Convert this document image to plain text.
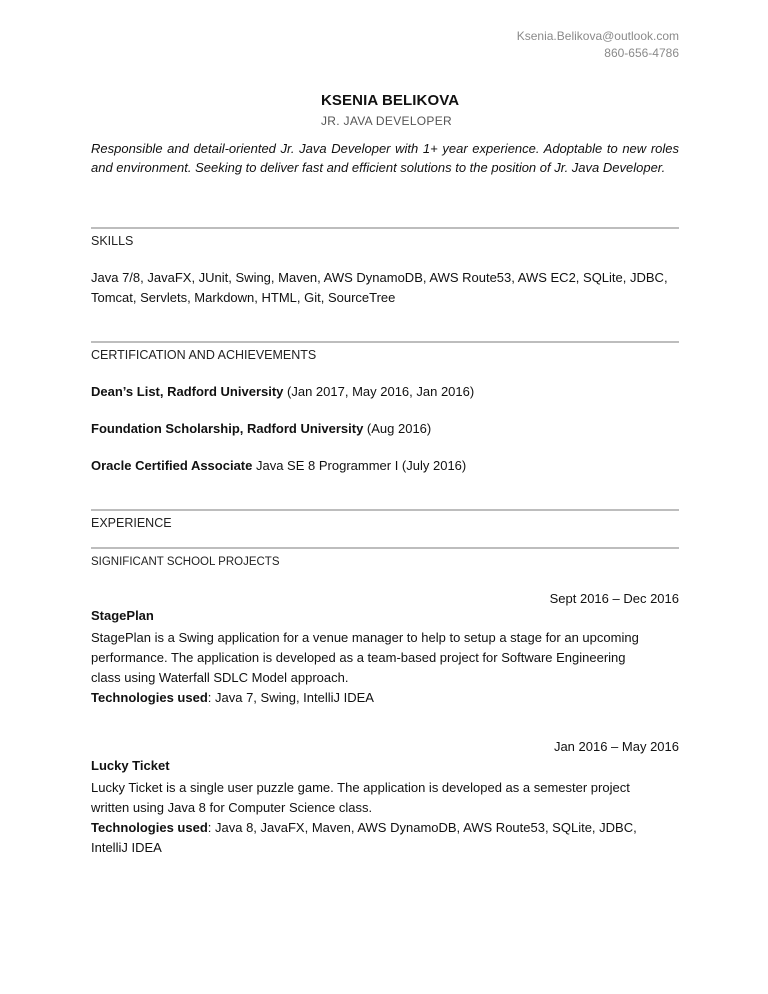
Ksenia.Belikova@outlook.com
860-656-4786
KSENIA BELIKOVA
JR. JAVA DEVELOPER
Responsible and detail-oriented Jr. Java Developer with 1+ year experience. Adoptable to new roles and environment. Seeking to deliver fast and efficient solutions to the position of Jr. Java Developer.
SKILLS
Java 7/8, JavaFX, JUnit, Swing, Maven, AWS DynamoDB, AWS Route53, AWS EC2, SQLite, JDBC,
Tomcat, Servlets, Markdown, HTML, Git, SourceTree
CERTIFICATION AND ACHIEVEMENTS
Dean’s List, Radford University (Jan 2017, May 2016, Jan 2016)
Foundation Scholarship, Radford University (Aug 2016)
Oracle Certified Associate Java SE 8 Programmer I (July 2016)
EXPERIENCE
SIGNIFICANT SCHOOL PROJECTS
Sept 2016 – Dec 2016
StagePlan
StagePlan is a Swing application for a venue manager to help to setup a stage for an upcoming
performance. The application is developed as a team-based project for Software Engineering
class using Waterfall SDLC Model approach.
Technologies used: Java 7, Swing, IntelliJ IDEA
Jan 2016 – May 2016
Lucky Ticket
Lucky Ticket is a single user puzzle game. The application is developed as a semester project
written using Java 8 for Computer Science class.
Technologies used: Java 8, JavaFX, Maven, AWS DynamoDB, AWS Route53, SQLite, JDBC,
IntelliJ IDEA
